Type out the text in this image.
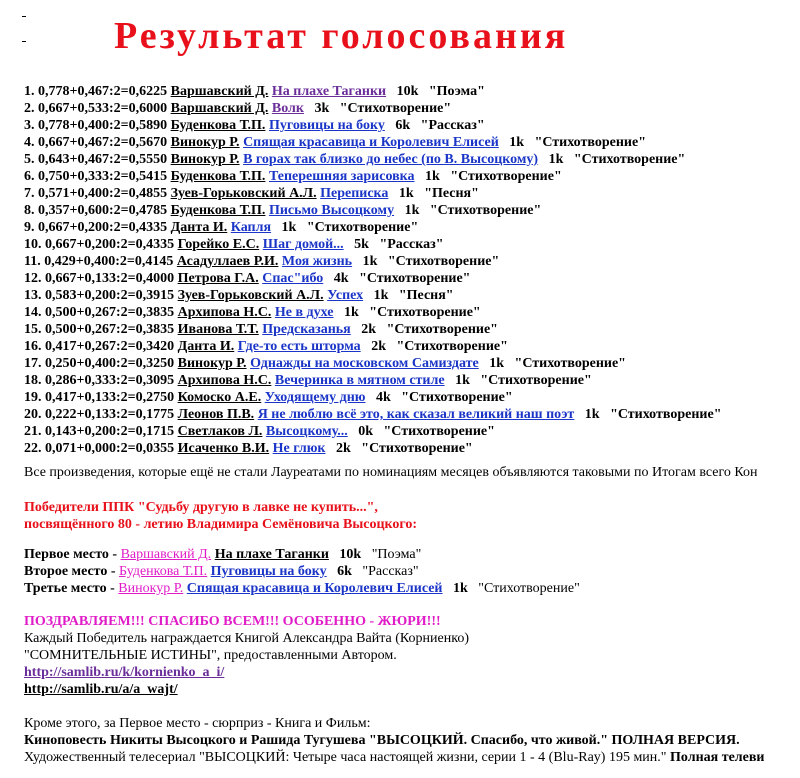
Результат голосования
1. 0,778+0,467:2=0,6225 Варшавский Д. На плахе Таганки 10k "Поэма"
2. 0,667+0,533:2=0,6000 Варшавский Д. Волк 3k "Стихотворение"
3. 0,778+0,400:2=0,5890 Буденкова Т.П. Пуговицы на боку 6k "Рассказ"
4. 0,667+0,467:2=0,5670 Винокур Р. Спящая красавица и Королевич Елисей 1k "Стихотворение"
5. 0,643+0,467:2=0,5550 Винокур Р. В горах так близко до небес (по В. Высоцкому) 1k "Стихотворение"
6. 0,750+0,333:2=0,5415 Буденкова Т.П. Теперешняя зарисовка 1k "Стихотворение"
7. 0,571+0,400:2=0,4855 Зуев-Горьковский А.Л. Переписка 1k "Песня"
8. 0,357+0,600:2=0,4785 Буденкова Т.П. Письмо Высоцкому 1k "Стихотворение"
9. 0,667+0,200:2=0,4335 Данта И. Капля 1k "Стихотворение"
10. 0,667+0,200:2=0,4335 Горейко Е.С. Шаг домой... 5k "Рассказ"
11. 0,429+0,400:2=0,4145 Асадуллаев Р.И. Моя жизнь 1k "Стихотворение"
12. 0,667+0,133:2=0,4000 Петрова Г.А. Спас"ибо 4k "Стихотворение"
13. 0,583+0,200:2=0,3915 Зуев-Горьковский А.Л. Успех 1k "Песня"
14. 0,500+0,267:2=0,3835 Архипова Н.С. Не в духе 1k "Стихотворение"
15. 0,500+0,267:2=0,3835 Иванова Т.Т. Предсказанья 2k "Стихотворение"
16. 0,417+0,267:2=0,3420 Данта И. Где-то есть шторма 2k "Стихотворение"
17. 0,250+0,400:2=0,3250 Винокур Р. Однажды на московском Самиздате 1k "Стихотворение"
18. 0,286+0,333:2=0,3095 Архипова Н.С. Вечеринка в мятном стиле 1k "Стихотворение"
19. 0,417+0,133:2=0,2750 Комоско А.Е. Уходящему дню 4k "Стихотворение"
20. 0,222+0,133:2=0,1775 Леонов П.В. Я не люблю всё это, как сказал великий наш поэт 1k "Стихотворение"
21. 0,143+0,200:2=0,1715 Светлаков Л. Высоцкому... 0k "Стихотворение"
22. 0,071+0,000:2=0,0355 Исаченко В.И. Не глюк 2k "Стихотворение"
Все произведения, которые ещё не стали Лауреатами по номинациям месяцев объявляются таковыми по Итогам всего Кон
Победители ППК "Судьбу другую в лавке не купить...",
посвящённого 80 - летию Владимира Семёновича Высоцкого:
Первое место - Варшавский Д. На плахе Таганки 10k "Поэма"
Второе место - Буденкова Т.П. Пуговицы на боку 6k "Рассказ"
Третье место - Винокур Р. Спящая красавица и Королевич Елисей 1k "Стихотворение"
ПОЗДРАВЛЯЕМ!!! СПАСИБО ВСЕМ!!! ОСОБЕННО - ЖЮРИ!!!
Каждый Победитель награждается Книгой Александра Вайта (Корниенко)
"СОМНИТЕЛЬНЫЕ ИСТИНЫ", предоставленными Автором.
http://samlib.ru/k/kornienko_a_i/
http://samlib.ru/a/a_wajt/
Кроме этого, за Первое место - сюрприз - Книга и Фильм:
Киноповесть Никиты Высоцкого и Рашида Тугушева "ВЫСОЦКИЙ. Спасибо, что живой." ПОЛНАЯ ВЕРСИЯ.
Художественный телесериал "ВЫСОЦКИЙ: Четыре часа настоящей жизни, серии 1 - 4 (Blu-Ray) 195 мин." Полная телеви
